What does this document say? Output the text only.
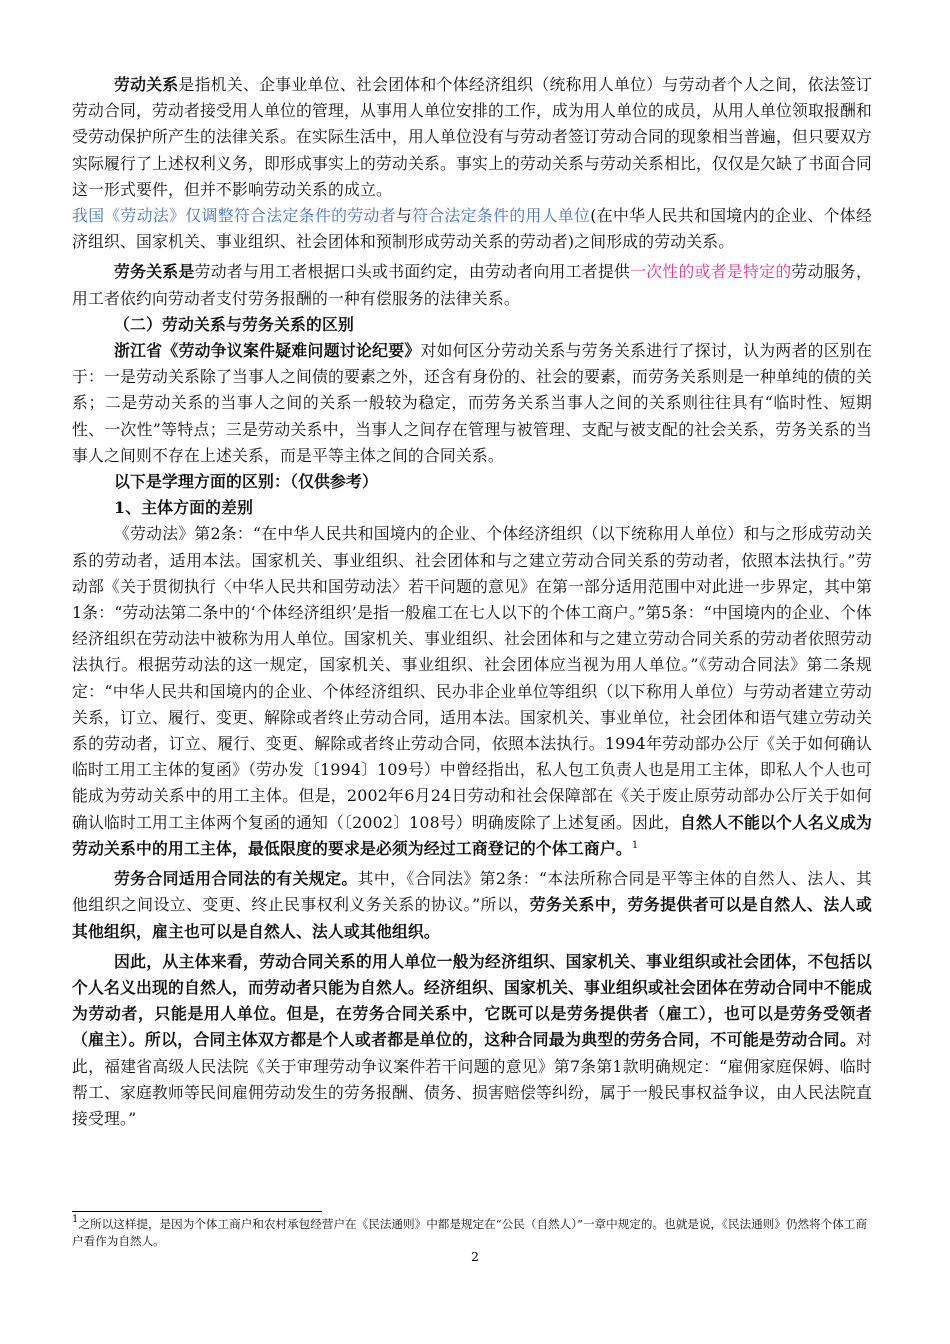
劳动关系是指机关、企事业单位、社会团体和个体经济组织（统称用人单位）与劳动者个人之间，依法签订劳动合同，劳动者接受用人单位的管理，从事用人单位安排的工作，成为用人单位的成员，从用人单位领取报酬和受劳动保护所产生的法律关系。在实际生活中，用人单位没有与劳动者签订劳动合同的现象相当普遍，但只要双方实际履行了上述权利义务，即形成事实上的劳动关系。事实上的劳动关系与劳动关系相比，仅仅是欠缺了书面合同这一形式要件，但并不影响劳动关系的成立。

我国《劳动法》仅调整符合法定条件的劳动者与符合法定条件的用人单位(在中华人民共和国境内的企业、个体经济组织、国家机关、事业组织、社会团体和预制形成劳动关系的劳动者)之间形成的劳动关系。

劳务关系是劳动者与用工者根据口头或书面约定，由劳动者向用工者提供一次性的或者是特定的劳动服务，用工者依约向劳动者支付劳务报酬的一种有偿服务的法律关系。

（二）劳动关系与劳务关系的区别

浙江省《劳动争议案件疑难问题讨论纪要》对如何区分劳动关系与劳务关系进行了探讨，认为两者的区别在于：一是劳动关系除了当事人之间债的要素之外，还含有身份的、社会的要素，而劳务关系则是一种单纯的债的关系；二是劳动关系的当事人之间的关系一般较为稳定，而劳务关系当事人之间的关系则往往具有“临时性、短期性、一次性”等特点；三是劳动关系中，当事人之间存在管理与被管理、支配与被支配的社会关系，劳务关系的当事人之间则不存在上述关系，而是平等主体之间的合同关系。

以下是学理方面的区别：（仅供参考）

1、主体方面的差别

《劳动法》第2条：“在中华人民共和国境内的企业、个体经济组织（以下统称用人单位）和与之形成劳动关系的劳动者，适用本法。国家机关、事业组织、社会团体和与之建立劳动合同关系的劳动者，依照本法执行。”劳动部《关于贯彻执行〈中华人民共和国劳动法〉若干问题的意见》在第一部分适用范围中对此进一步界定，其中第1条：“劳动法第二条中的‘个体经济组织’是指一般雇工在七人以下的个体工商户。”第5条：“中国境内的企业、个体经济组织在劳动法中被称为用人单位。国家机关、事业组织、社会团体和与之建立劳动合同关系的劳动者依照劳动法执行。根据劳动法的这一规定，国家机关、事业组织、社会团体应当视为用人单位。”《劳动合同法》第二条规定：“中华人民共和国境内的企业、个体经济组织、民办非企业单位等组织（以下称用人单位）与劳动者建立劳动关系，订立、履行、变更、解除或者终止劳动合同，适用本法。国家机关、事业单位，社会团体和语气建立劳动关系的劳动者，订立、履行、变更、解除或者终止劳动合同，依照本法执行。1994年劳动部办公厅《关于如何确认临时工用工主体的复函》（劳办发〔1994〕109号）中曾经指出，私人包工负责人也是用工主体，即私人个人也可能成为劳动关系中的用工主体。但是，2002年6月24日劳动和社会保障部在《关于废止原劳动部办公厅关于如何确认临时工用工主体两个复函的通知（〔2002〕108号）明确废除了上述复函。因此，自然人不能以个人名义成为劳动关系中的用工主体，最低限度的要求是必须为经过工商登记的个体工商户。$^1$

劳务合同适用合同法的有关规定。其中，《合同法》第2条：“本法所称合同是平等主体的自然人、法人、其他组织之间设立、变更、终止民事权利义务关系的协议。”所以，劳务关系中，劳务提供者可以是自然人、法人或其他组织，雇主也可以是自然人、法人或其他组织。

因此，从主体来看，劳动合同关系的用人单位一般为经济组织、国家机关、事业组织或社会团体，不包括以个人名义出现的自然人，而劳动者只能为自然人。经济组织、国家机关、事业组织或社会团体在劳动合同中不能成为劳动者，只能是用人单位。但是，在劳务合同关系中，它既可以是劳务提供者（雇工），也可以是劳务受领者（雇主）。所以，合同主体双方都是个人或者都是单位的，这种合同最为典型的劳务合同，不可能是劳动合同。对此，福建省高级人民法院《关于审理劳动争议案件若干问题的意见》第7条第1款明确规定：“雇佣家庭保姆、临时帮工、家庭教师等民间雇佣劳动发生的劳务报酬、债务、损害赔偿等纠纷，属于一般民事权益争议，由人民法院直接受理。”

$^1$之所以这样提，是因为个体工商户和农村承包经营户在《民法通则》中都是规定在“公民（自然人）”一章中规定的。也就是说，《民法通则》仍然将个体工商户看作为自然人。

2
